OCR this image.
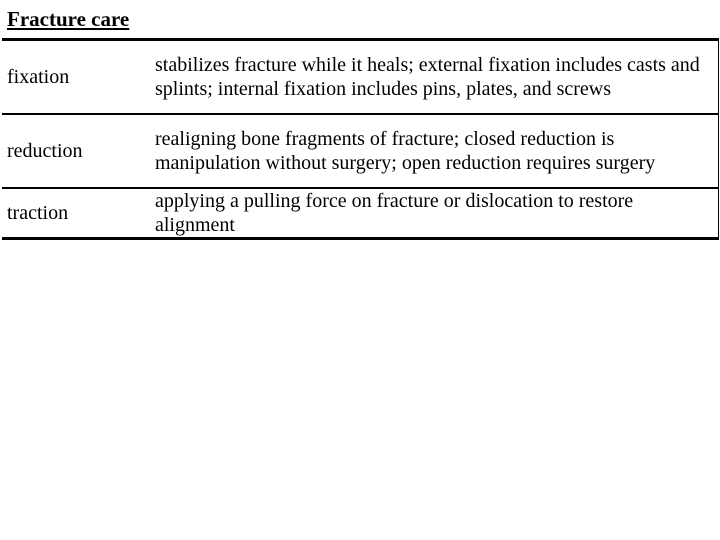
Fracture care
fixation	stabilizes fracture while it heals; external fixation includes casts and splints; internal fixation includes pins, plates, and screws
reduction	realigning bone fragments of fracture; closed reduction is manipulation without surgery; open reduction requires surgery
traction	applying a pulling force on fracture or dislocation to restore alignment
